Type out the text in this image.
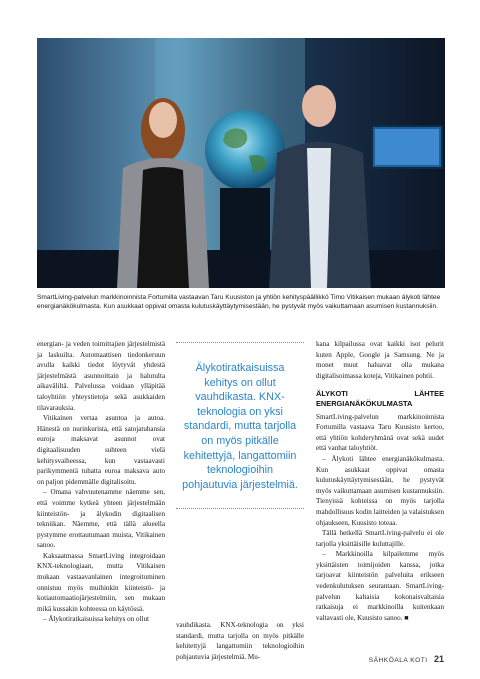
SmartLiving-palvelun markkinoinnista Fortumilla vastaavan Taru Kuusiston ja yhtiön kehityspäällikkö Timo Vitikaisen mukaan älykoti lähtee energianäkökulmasta. Kun asukkaat oppivat omasta kulutuskäyttäytymisestään, he pystyvät myös vaikuttamaan asumisen kustannuksiin.

energian- ja veden toimittajien järjestelmistä ja laskuilta. Automaattisen tiedonkeruun avulla kaikki tiedot löytyvät yhdestä järjestelmästä asunnoittain ja halutulta aikaväliltä. Palvelussa voidaan ylläpitää taloyhtiön yhteystietoja sekä asukkaiden tilavarauksia.

Vitikainen vertaa asuntoa ja autoa. Hänestä on nurinkurista, että satojatuhansia euroja maksavat asunnot ovat digitaalisuuden suhteen vielä kehitysvaiheessa, kun vastaavasti parikymmentä tuhatta euroa maksava auto on paljon pidemmälle digitalisoitu.

– Omana vahvuutenamme näemme sen, että voimme kytkeä yhteen järjestelmään kiinteistön- ja älykodin digitaalisen tekniikan. Näemme, että tällä alueella pystymme erottautumaan muista, Vitikainen sanoo.

Kaksaatmassa SmartLiving integroidaan KNX-teknologiaan, mutta Vitikaisen mukaan vastaavanlainen integroituminen onnistuu myös muihinkin kiinteistö- ja kotiautomaatiojärjestelmiin, sen mukaan mikä kussakin kohteessa on käytössä.

– Älykotiratkaisuissa kehitys on ollut

Älykotiratkaisuissa kehitys on ollut vauhdikasta. KNX-teknologia on yksi standardi, mutta tarjolla on myös pitkälle kehitettyjä, langattomiin teknologioihin pohjautuvia järjestelmiä.

vauhdikasta. KNX-teknologia on yksi standardi, mutta tarjolla on myös pitkälle kehitettyjä langattomiin teknologioihin pohjautuvia järjestelmiä. Mu-

kana kilpailussa ovat kaikki isot pelurit kuten Apple, Google ja Samsung. Ne ja monet muut haluavat olla mukana digitalisoimassa koteja, Vitikainen pohtii.

ÄLYKOTI LÄHTEE ENERGIANÄKÖKULMASTA

SmartLiving-palvelun markkinoinnista Fortumilla vastaava Taru Kuusisto kertoo, että yhtiön kohderyhmänä ovat sekä uudet että vanhat taloyhtiöt.

– Älykoti lähtee energianäkökulmasta. Kun asukkaat oppivat omasta kulutuskäyttäytymisestään, he pystyvät myös vaikuttamaan asumisen kustannuksiin. Tienyissä kohteissa on myös tarjolla mahdollisuus kodin laitteiden ja valaistuksen ohjaukseen, Kuusisto toteaa.

Tällä hetkellä SmartLiving-palvelu ei ole tarjolla yksittäisille kuluttajille.

– Markkinoilla kilpailemme myös yksittäisten toimijoiden kanssa, jotka tarjoavat kiinteistön palveluita erikseen vedenkulutuksen seurantaan. SmartLiving-palvelun kaltaisia kokonaisvaltaisia ratkaisuja ei markkinoilla kuitenkaan valtavasti ole, Kuusisto sanoo. ■

SÄHKÖALA KOTI 21
